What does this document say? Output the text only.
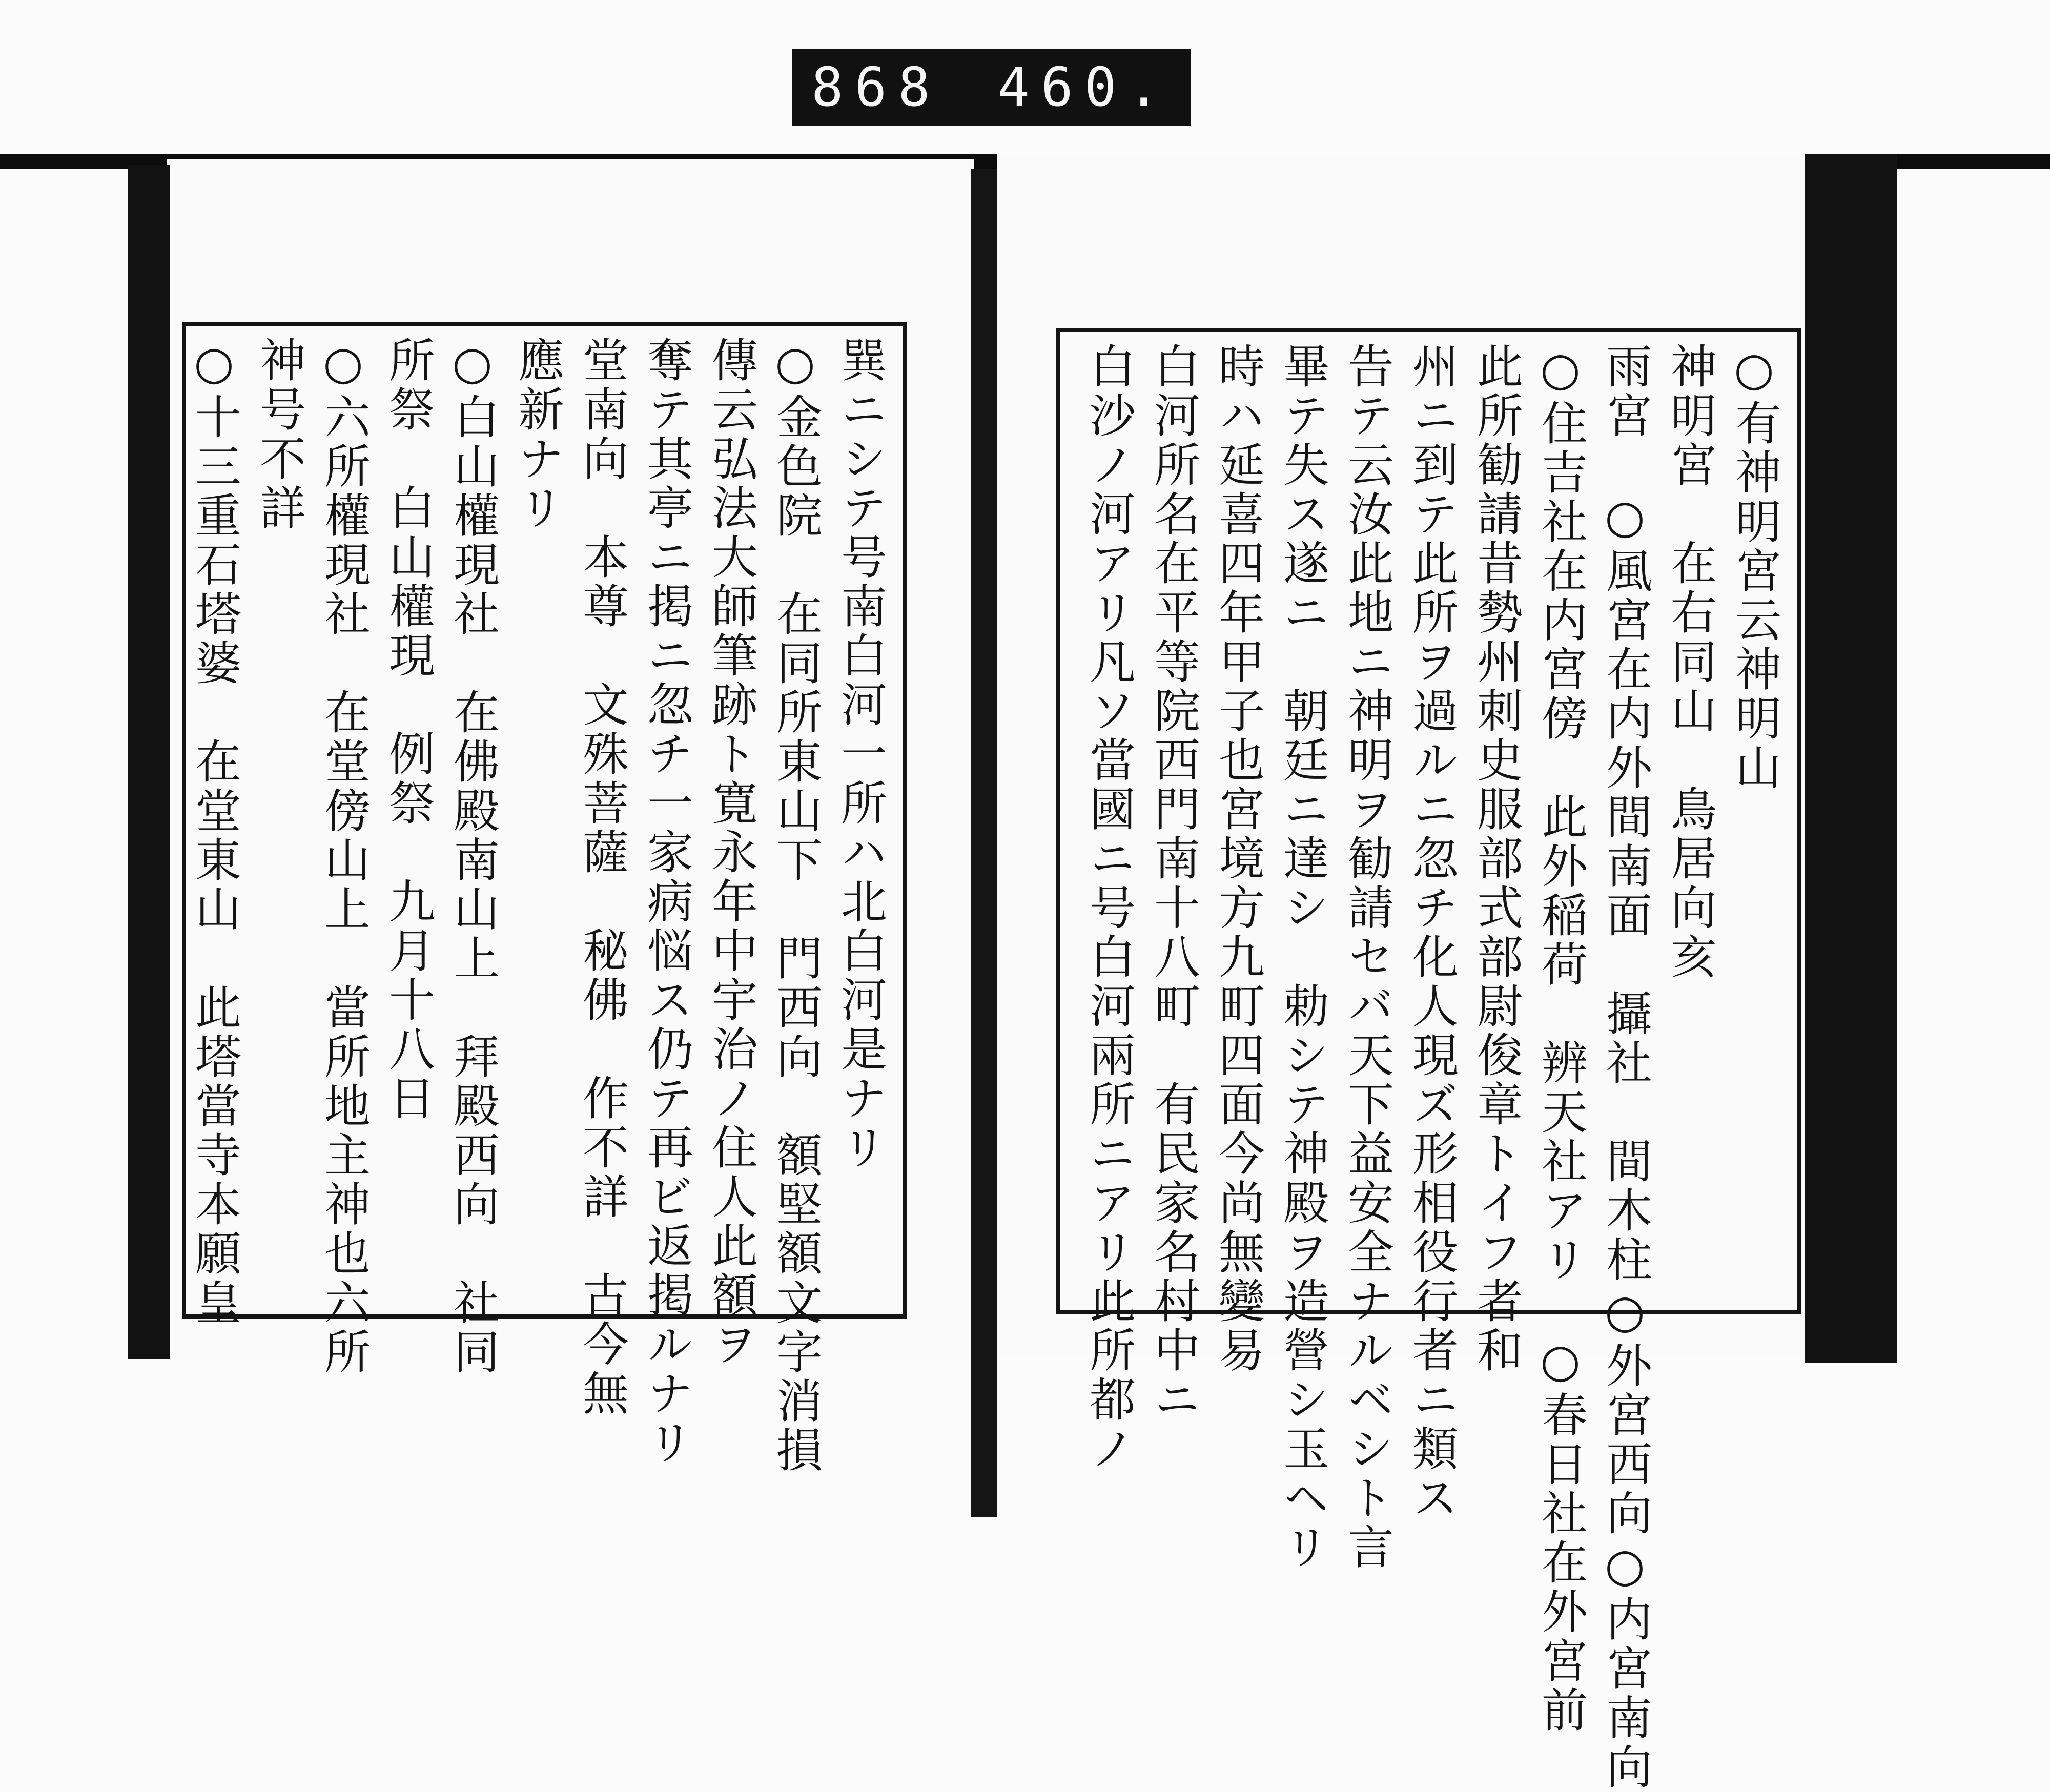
868 460.
○有神明宮云神明山
神明宮　在右同山　鳥居向亥
雨宮　○風宮在内外間南面　攝社　間木柱○外宮西向○内宮南向
○住吉社在内宮傍　此外稲荷　辨天社アリ　○春日社在外宮前
此所勧請昔勢州刺史服部式部尉俊章トイフ者和
州ニ到テ此所ヲ過ルニ忽チ化人現ズ形相役行者ニ類ス
告テ云汝此地ニ神明ヲ勧請セバ天下益安全ナルベシト言
畢テ失ス遂ニ　朝廷ニ達シ　勅シテ神殿ヲ造營シ玉ヘリ
時ハ延喜四年甲子也宮境方九町四面今尚無變易
白河所名在平等院西門南十八町　有民家名村中ニ
白沙ノ河アリ凡ソ當國ニ号白河兩所ニアリ此所都ノ
巽ニシテ号南白河一所ハ北白河是ナリ
○金色院　在同所東山下　門西向　額堅額文字消損
傳云弘法大師筆跡ト寛永年中宇治ノ住人此額ヲ
奪テ其亭ニ掲ニ忽チ一家病悩ス仍テ再ビ返掲ルナリ
堂南向　本尊　文殊菩薩　秘佛　作不詳　古今無
應新ナリ
○白山權現社　在佛殿南山上　拜殿西向　社同
所祭　白山權現　例祭　九月十八日
○六所權現社　在堂傍山上　當所地主神也六所
神号不詳
○十三重石塔婆　在堂東山　此塔當寺本願皇
